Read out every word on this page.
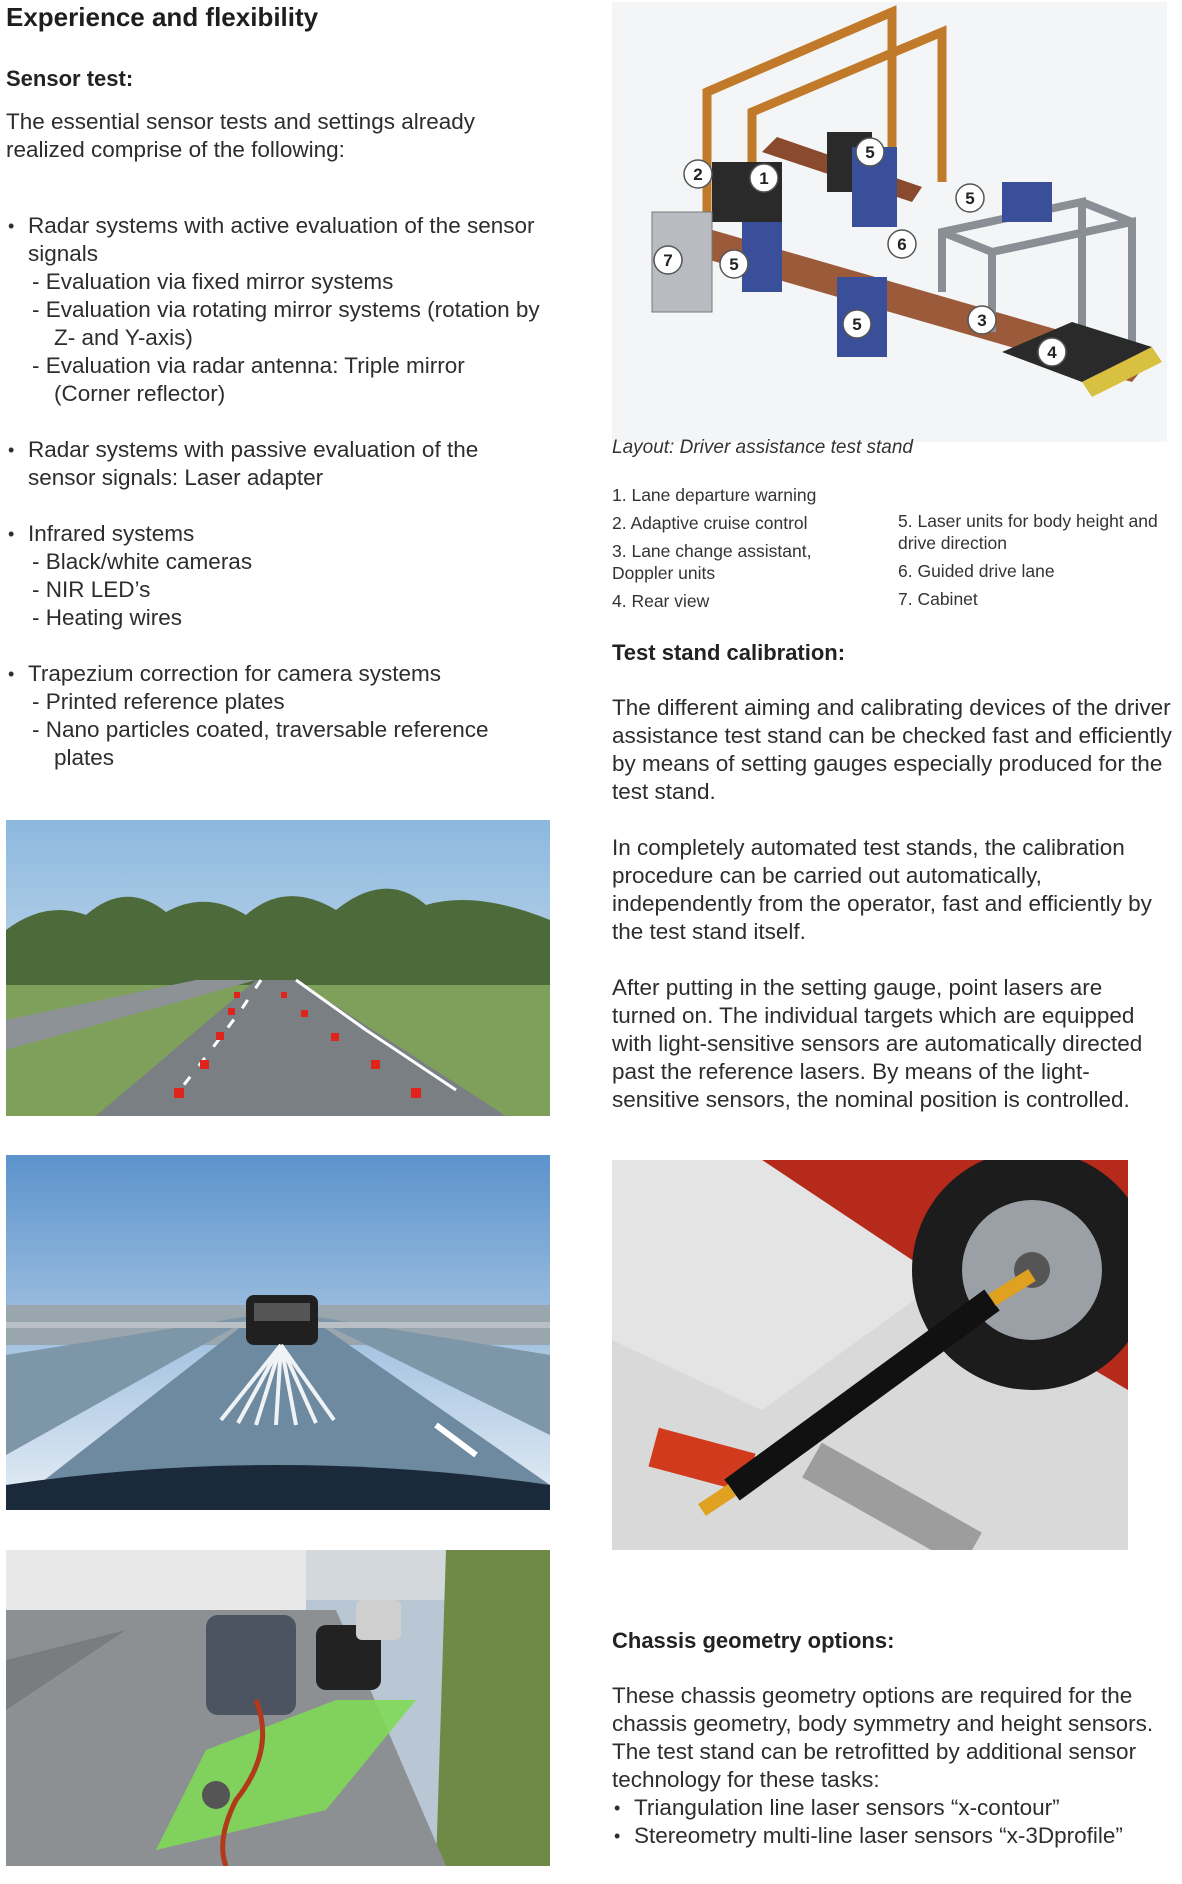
Experience and flexibility
Sensor test:
The essential sensor tests and settings already realized comprise of the following:
• Radar systems with active evaluation of the sensor signals
- Evaluation via fixed mirror systems
- Evaluation via rotating mirror systems (rotation by Z- and Y-axis)
- Evaluation via radar antenna: Triple mirror (Corner reflector)
• Radar systems with passive evaluation of the sensor signals: Laser adapter
• Infrared systems
- Black/white cameras
- NIR LED’s
- Heating wires
• Trapezium correction for camera systems
- Printed reference plates
- Nano particles coated, traversable reference plates
1
2
3
4
5
5
5
5
6
7
Layout: Driver assistance test stand
1. Lane departure warning
2. Adaptive cruise control
3. Lane change assistant, Doppler units
4. Rear view
5. Laser units for body height and drive direction
6. Guided drive lane
7. Cabinet
Test stand calibration:
The different aiming and calibrating devices of the driver assistance test stand can be checked fast and efficiently by means of setting gauges especially produced for the test stand.
In completely automated test stands, the calibration procedure can be carried out automatically, independently from the operator, fast and efficiently by the test stand itself.
After putting in the setting gauge, point lasers are turned on. The individual targets which are equipped with light-sensitive sensors are automatically directed past the reference lasers. By means of the light-sensitive sensors, the nominal position is controlled.
Chassis geometry options:
These chassis geometry options are required for the chassis geometry, body symmetry and height sensors. The test stand can be retrofitted by additional sensor technology for these tasks:
• Triangulation line laser sensors “x-contour”
• Stereometry multi-line laser sensors “x-3Dprofile”
